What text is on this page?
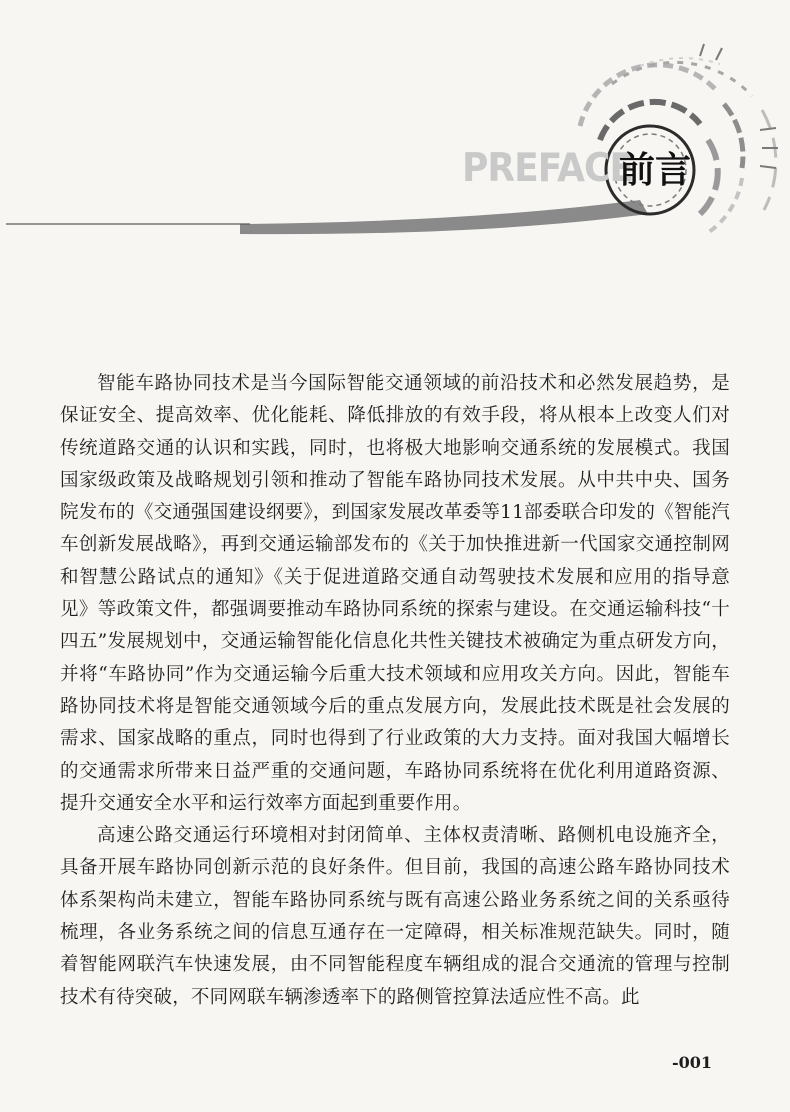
PREFACE
前言

智能车路协同技术是当今国际智能交通领域的前沿技术和必然发展趋势，是保证安全、提高效率、优化能耗、降低排放的有效手段，将从根本上改变人们对传统道路交通的认识和实践，同时，也将极大地影响交通系统的发展模式。我国国家级政策及战略规划引领和推动了智能车路协同技术发展。从中共中央、国务院发布的《交通强国建设纲要》，到国家发展改革委等11部委联合印发的《智能汽车创新发展战略》，再到交通运输部发布的《关于加快推进新一代国家交通控制网和智慧公路试点的通知》《关于促进道路交通自动驾驶技术发展和应用的指导意见》等政策文件，都强调要推动车路协同系统的探索与建设。在交通运输科技“十四五”发展规划中，交通运输智能化信息化共性关键技术被确定为重点研发方向，并将“车路协同”作为交通运输今后重大技术领域和应用攻关方向。因此，智能车路协同技术将是智能交通领域今后的重点发展方向，发展此技术既是社会发展的需求、国家战略的重点，同时也得到了行业政策的大力支持。面对我国大幅增长的交通需求所带来日益严重的交通问题，车路协同系统将在优化利用道路资源、提升交通安全水平和运行效率方面起到重要作用。

高速公路交通运行环境相对封闭简单、主体权责清晰、路侧机电设施齐全，具备开展车路协同创新示范的良好条件。但目前，我国的高速公路车路协同技术体系架构尚未建立，智能车路协同系统与既有高速公路业务系统之间的关系亟待梳理，各业务系统之间的信息互通存在一定障碍，相关标准规范缺失。同时，随着智能网联汽车快速发展，由不同智能程度车辆组成的混合交通流的管理与控制技术有待突破，不同网联车辆渗透率下的路侧管控算法适应性不高。此

-001
